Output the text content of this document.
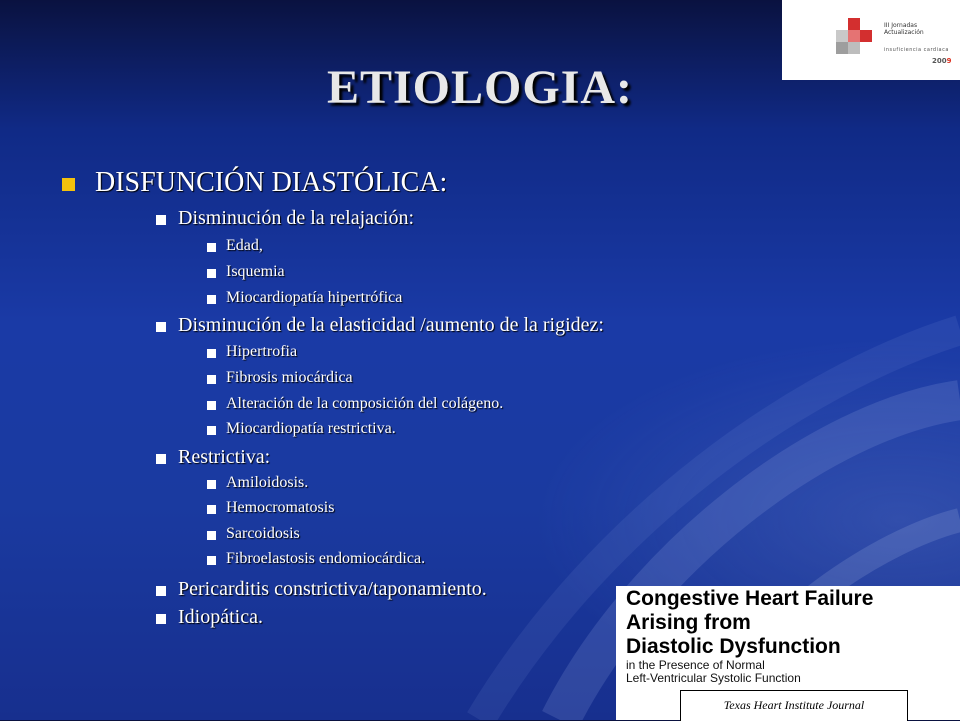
III Jornadas
Actualización
insuficiencia cardiaca
2009
ETIOLOGIA:
DISFUNCIÓN DIASTÓLICA:
Disminución de la relajación:
Edad,
Isquemia
Miocardiopatía hipertrófica
Disminución de la elasticidad /aumento de la rigidez:
Hipertrofia
Fibrosis miocárdica
Alteración de la composición del colágeno.
Miocardiopatía restrictiva.
Restrictiva:
Amiloidosis.
Hemocromatosis
Sarcoidosis
Fibroelastosis endomiocárdica.
Pericarditis constrictiva/taponamiento.
Idiopática.
Congestive Heart Failure
Arising from
Diastolic Dysfunction
in the Presence of Normal
Left-Ventricular Systolic Function
Texas Heart Institute Journal
